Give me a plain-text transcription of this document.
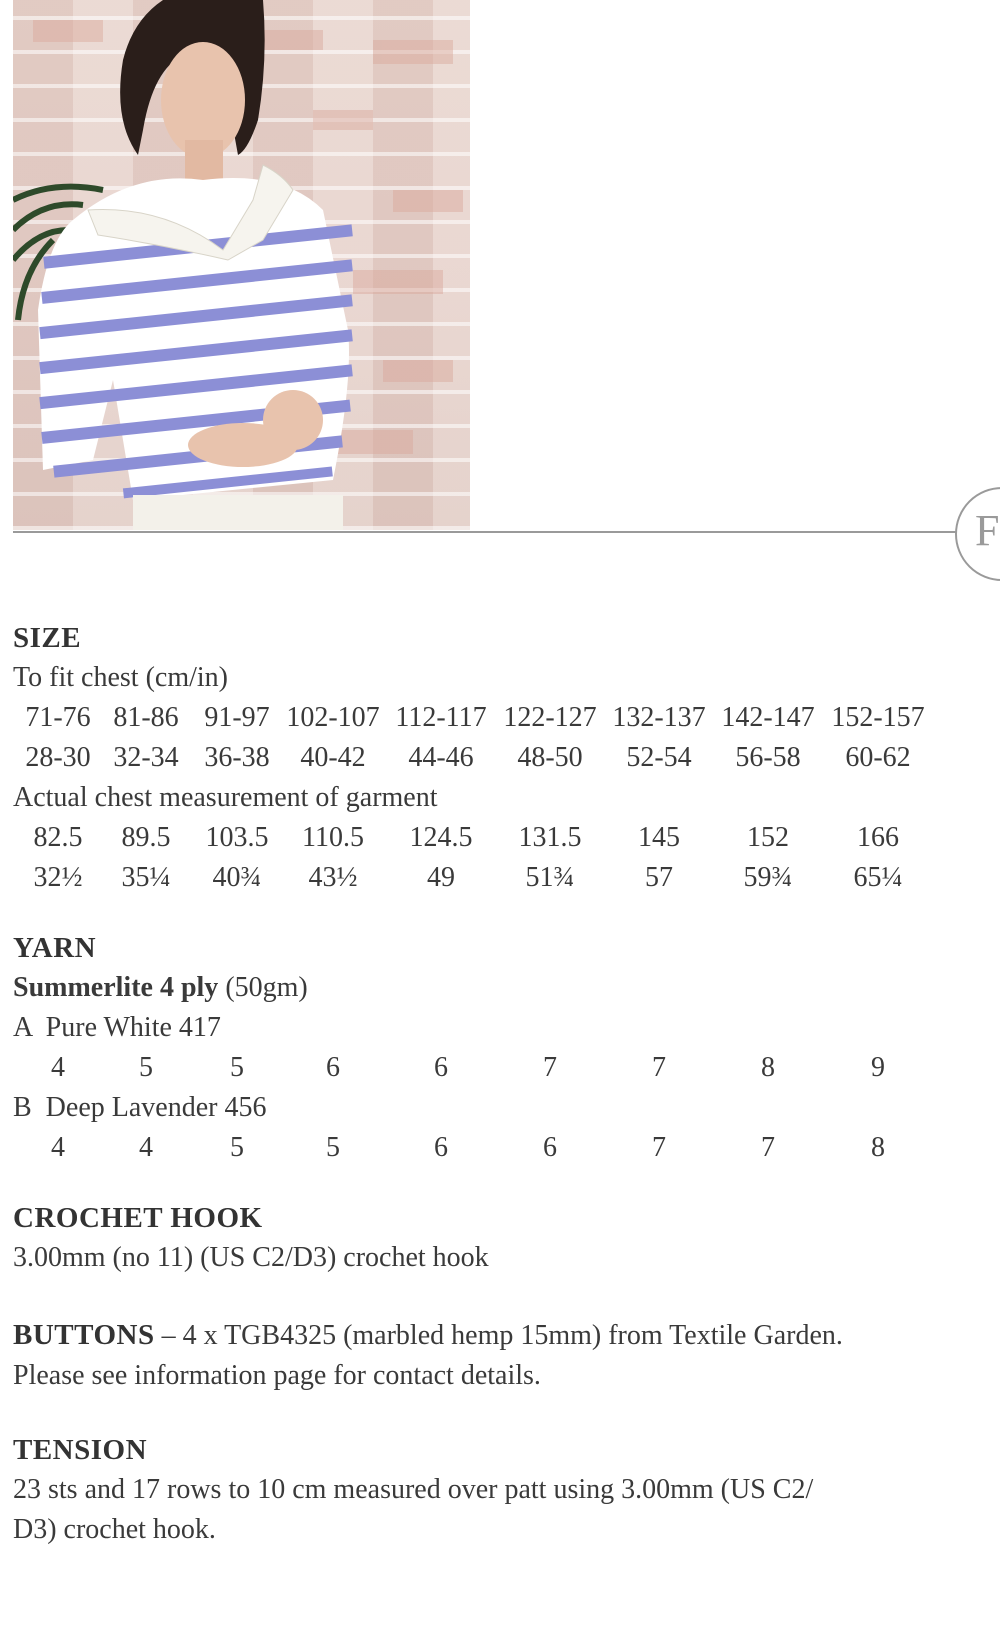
F
SIZE
To fit chest (cm/in)
71-76 81-86 91-97 102-107 112-117 122-127 132-137 142-147 152-157
28-30 32-34 36-38 40-42 44-46 48-50 52-54 56-58 60-62
Actual chest measurement of garment
82.5 89.5 103.5 110.5 124.5 131.5 145 152 166
32½ 35¼ 40¾ 43½ 49	51¾	57	59¾ 65¼
YARN
Summerlite 4 ply (50gm)
A  Pure White 417
4	5	5	6	6	7	7	8	9
B  Deep Lavender 456
4	4	5	5	6	6	7	7	8
CROCHET HOOK
3.00mm (no 11) (US C2/D3) crochet hook
BUTTONS – 4 x TGB4325 (marbled hemp 15mm) from Textile Garden.
Please see information page for contact details.
TENSION
23 sts and 17 rows to 10 cm measured over patt using 3.00mm (US C2/
D3) crochet hook.
